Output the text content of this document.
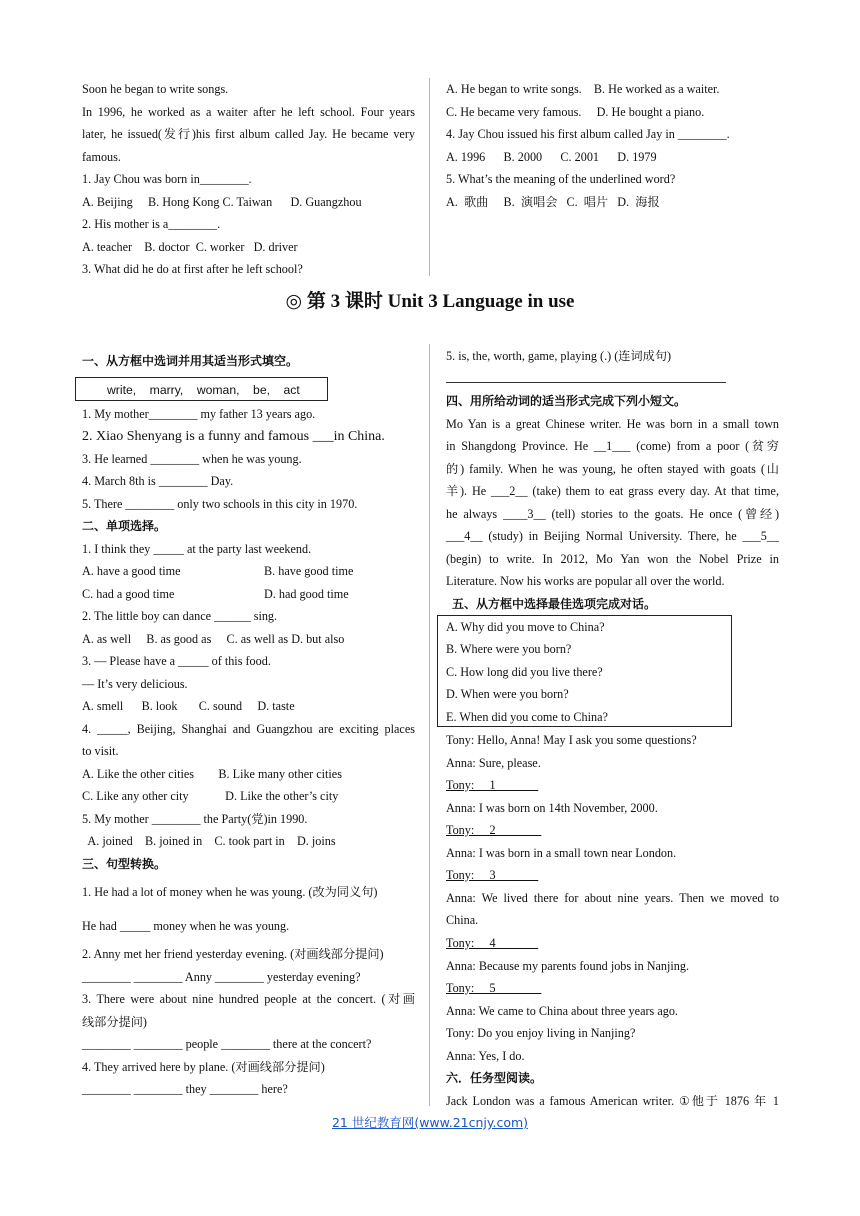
Soon he began to write songs.
In 1996, he worked as a waiter after he left school. Four years
later, he issued(发行)his first album called Jay. He became very
famous.
1. Jay Chou was born in________.
A. Beijing     B. Hong Kong C. Taiwan      D. Guangzhou
2. His mother is a________.
A. teacher    B. doctor  C. worker   D. driver
3. What did he do at first after he left school?
A. He began to write songs.    B. He worked as a waiter.
C. He became very famous.     D. He bought a piano.
4. Jay Chou issued his first album called Jay in ________.
A. 1996      B. 2000      C. 2001      D. 1979
5. What’s the meaning of the underlined word?
A.  歌曲     B.  演唱会   C.  唱片   D.  海报
◎ 第 3 课时 Unit 3 Language in use
一、从方框中选词并用其适当形式填空。
write,    marry,    woman,    be,    act
1. My mother________ my father 13 years ago.
2. Xiao Shenyang is a funny and famous ___in China.
3. He learned ________ when he was young.
4. March 8th is ________ Day.
5. There ________ only two schools in this city in 1970.
二、单项选择。
1. I think they _____ at the party last weekend.
A. have a good time	B. have good time
C. had a good time	D. had good time
2. The little boy can dance ______ sing.
A. as well     B. as good as     C. as well as D. but also
3. — Please have a _____ of this food.
— It’s very delicious.
A. smell      B. look       C. sound     D. taste
4. _____, Beijing, Shanghai and Guangzhou are exciting places
to visit.
A. Like the other cities        B. Like many other cities
C. Like any other city            D. Like the other’s city
5. My mother ________ the Party(党)in 1990.
A. joined    B. joined in    C. took part in    D. joins
三、句型转换。
1. He had a lot of money when he was young. (改为同义句)
He had _____ money when he was young.
2. Anny met her friend yesterday evening. (对画线部分提问)
________ ________ Anny ________ yesterday evening?
3. There were about nine hundred people at the concert. (对画
线部分提问)
________ ________ people ________ there at the concert?
4. They arrived here by plane. (对画线部分提问)
________ ________ they ________ here?
5. is, the, worth, game, playing (.) (连词成句)
四、用所给动词的适当形式完成下列小短文。
Mo Yan is a great Chinese writer. He was born in a small town
in Shangdong Province. He __1___ (come) from a poor (贫穷
的) family. When he was young, he often stayed with goats (山
羊). He ___2__ (take) them to eat grass every day. At that time,
he always ____3__ (tell) stories to the goats. He once (曾经)
___4__ (study) in Beijing Normal University. There, he ___5__
(begin) to write. In 2012, Mo Yan won the Nobel Prize in
Literature. Now his works are popular all over the world.
五、从方框中选择最佳选项完成对话。
A. Why did you move to China?
B. Where were you born?
C. How long did you live there?
D. When were you born?
E. When did you come to China?
Tony: Hello, Anna! May I ask you some questions?
Anna: Sure, please.
Tony:     1
Anna: I was born on 14th November, 2000.
Tony:     2
Anna: I was born in a small town near London.
Tony:     3
Anna: We lived there for about nine years. Then we moved to
China.
Tony:     4
Anna: Because my parents found jobs in Nanjing.
Tony:     5
Anna: We came to China about three years ago.
Tony: Do you enjoy living in Nanjing?
Anna: Yes, I do.
六．任务型阅读。
Jack London was a famous American writer. ①他于 1876 年 1
21 世纪教育网(www.21cnjy.com)
